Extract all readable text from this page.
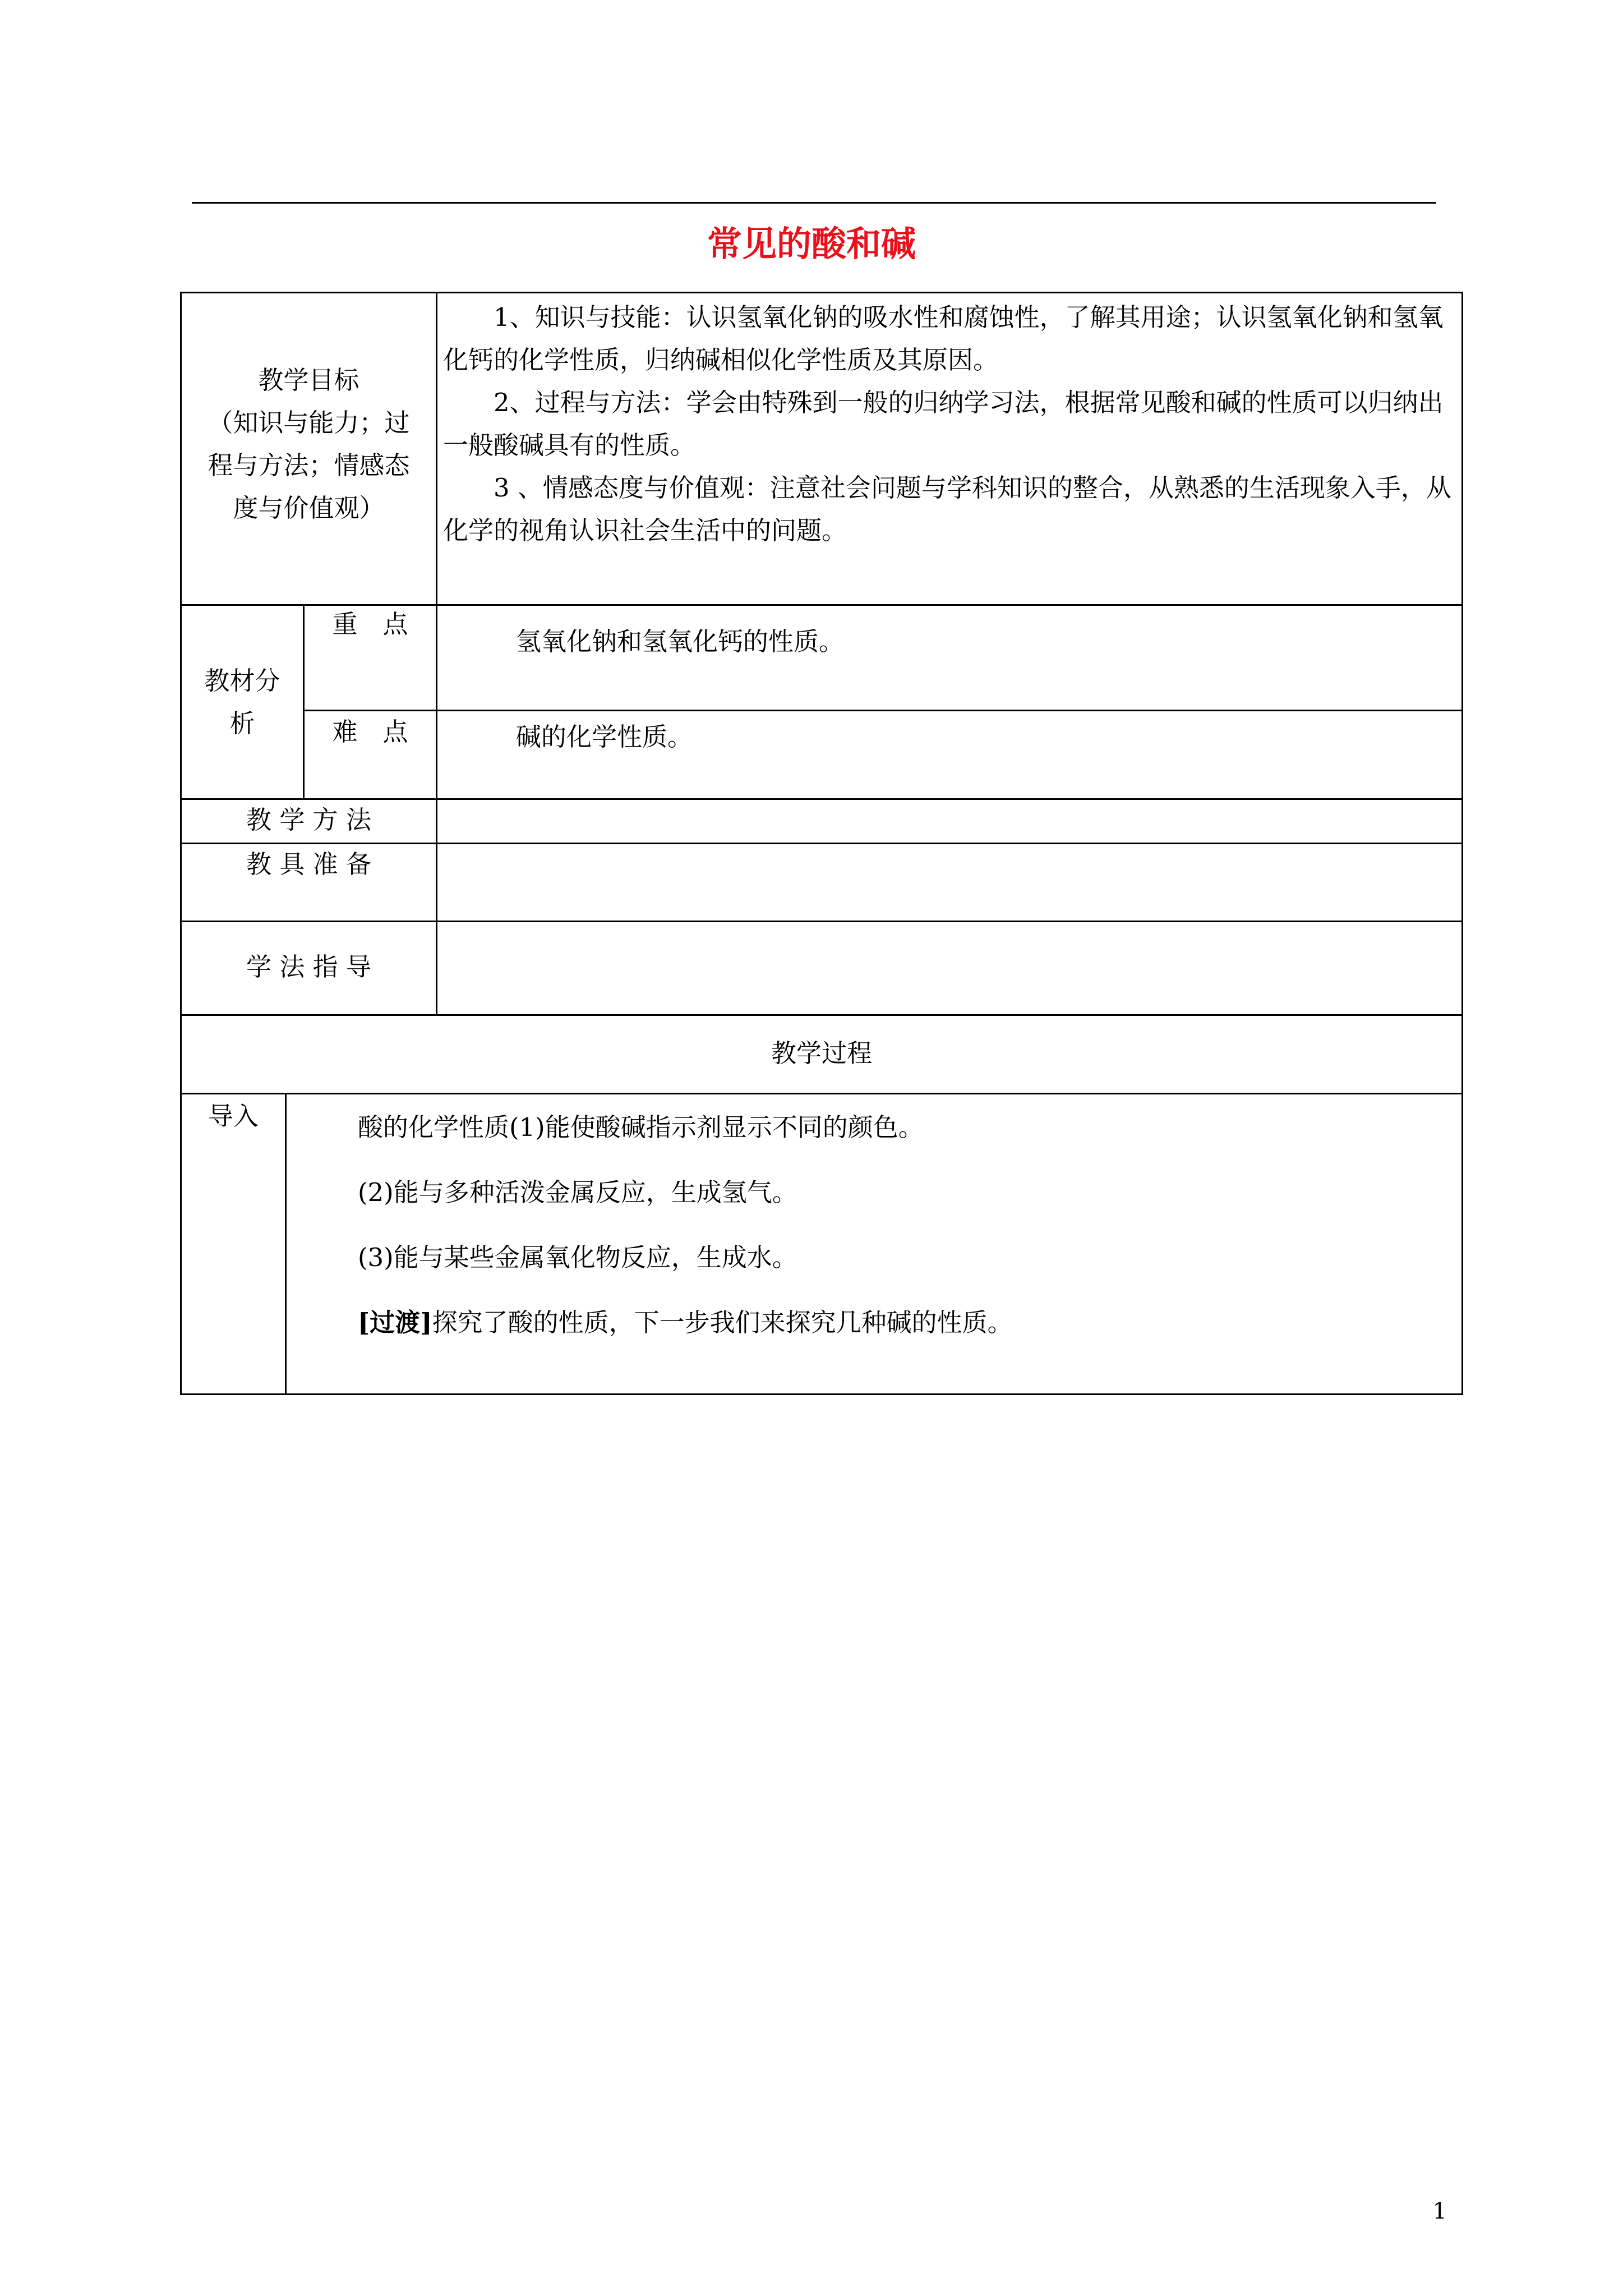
常见的酸和碱
教学目标
（知识与能力；过
程与方法；情感态
度与价值观）

1、知识与技能：认识氢氧化钠的吸水性和腐蚀性，了解其用途；认识氢氧化钠和氢氧化钙的化学性质，归纳碱相似化学性质及其原因。

2、过程与方法：学会由特殊到一般的归纳学习法，根据常见酸和碱的性质可以归纳出一般酸碱具有的性质。

3 、情感态度与价值观：注意社会问题与学科知识的整合，从熟悉的生活现象入手，从化学的视角认识社会生活中的问题。

教材分
析
重　点
氢氧化钠和氢氧化钙的性质。
难　点	碱的化学性质。
教 学 方 法
教 具 准 备
学 法 指 导
教学过程
导入	酸的化学性质(1)能使酸碱指示剂显示不同的颜色。
(2)能与多种活泼金属反应，生成氢气。
(3)能与某些金属氧化物反应，生成水。
[过渡]探究了酸的性质，下一步我们来探究几种碱的性质。
1
